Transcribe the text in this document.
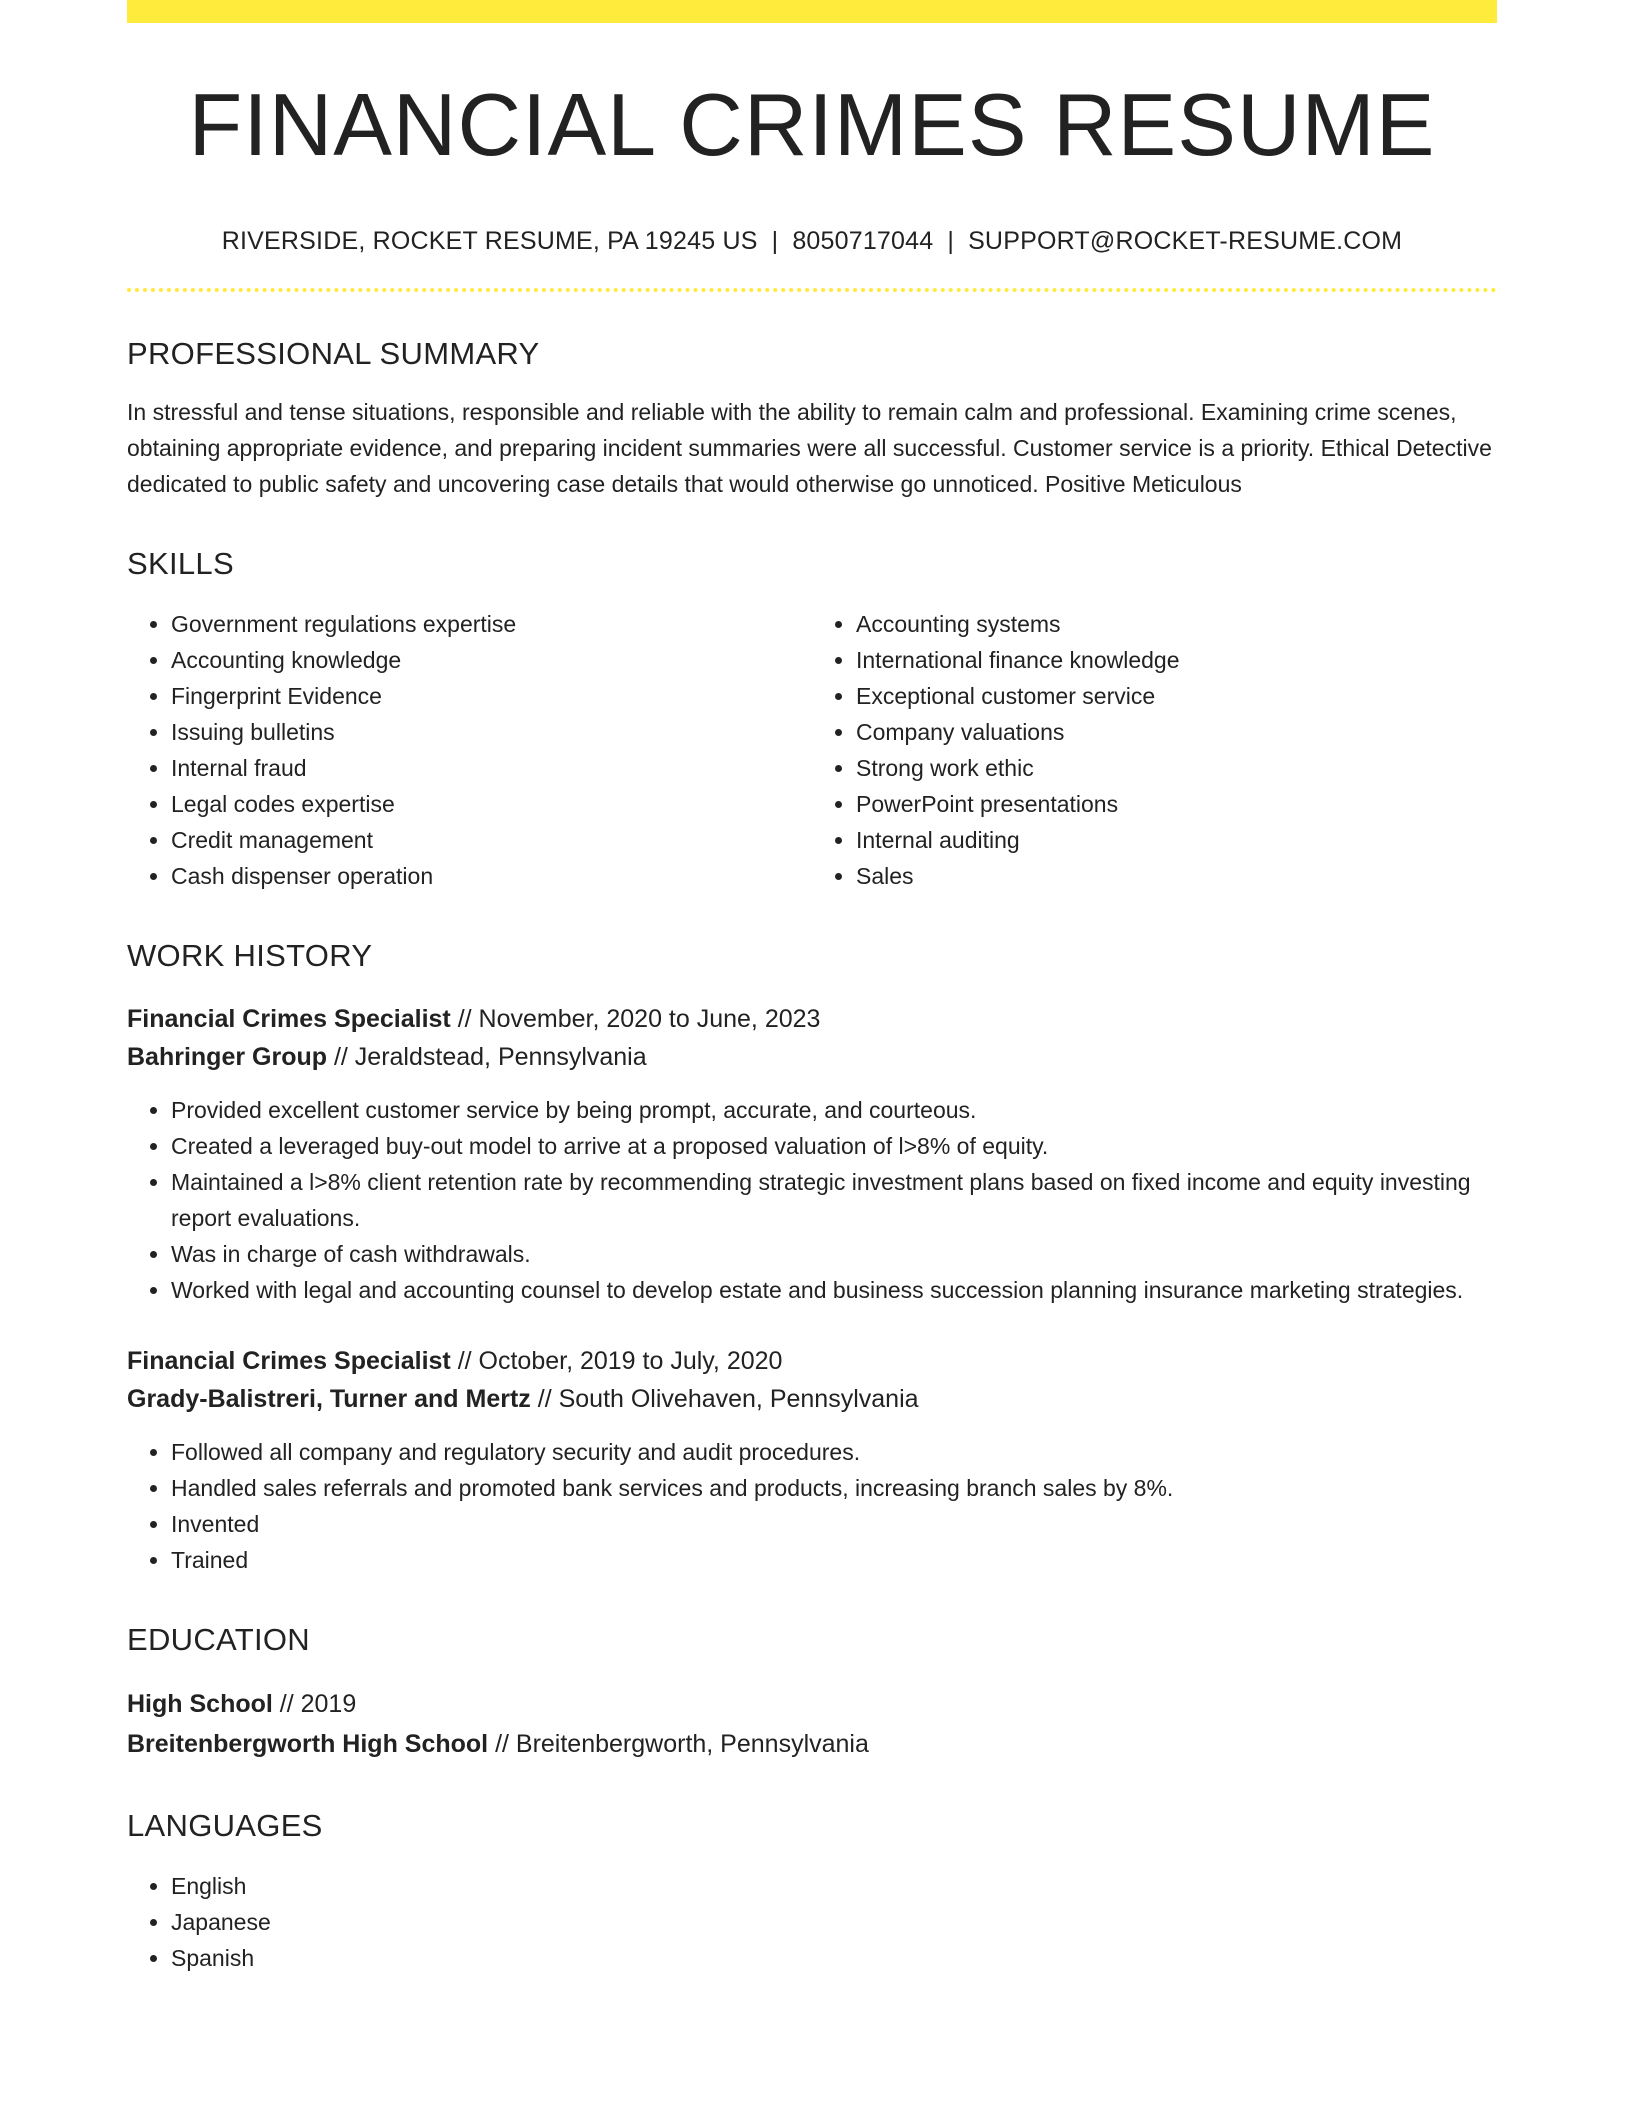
FINANCIAL CRIMES RESUME
RIVERSIDE, ROCKET RESUME, PA 19245 US | 8050717044 | SUPPORT@ROCKET-RESUME.COM
PROFESSIONAL SUMMARY

In stressful and tense situations, responsible and reliable with the ability to remain calm and professional. Examining crime scenes, obtaining appropriate evidence, and preparing incident summaries were all successful. Customer service is a priority. Ethical Detective dedicated to public safety and uncovering case details that would otherwise go unnoticed. Positive Meticulous

SKILLS
• Government regulations expertise
• Accounting knowledge
• Fingerprint Evidence
• Issuing bulletins
• Internal fraud
• Legal codes expertise
• Credit management
• Cash dispenser operation
• Accounting systems
• International finance knowledge
• Exceptional customer service
• Company valuations
• Strong work ethic
• PowerPoint presentations
• Internal auditing
• Sales
WORK HISTORY
Financial Crimes Specialist // November, 2020 to June, 2023
Bahringer Group // Jeraldstead, Pennsylvania
• Provided excellent customer service by being prompt, accurate, and courteous.
• Created a leveraged buy-out model to arrive at a proposed valuation of l>8% of equity.
• Maintained a l>8% client retention rate by recommending strategic investment plans based on fixed income and equity investing report evaluations.
• Was in charge of cash withdrawals.
• Worked with legal and accounting counsel to develop estate and business succession planning insurance marketing strategies.
Financial Crimes Specialist // October, 2019 to July, 2020
Grady-Balistreri, Turner and Mertz // South Olivehaven, Pennsylvania
• Followed all company and regulatory security and audit procedures.
• Handled sales referrals and promoted bank services and products, increasing branch sales by 8%.
• Invented
• Trained
EDUCATION
High School // 2019
Breitenbergworth High School // Breitenbergworth, Pennsylvania
LANGUAGES
• English
• Japanese
• Spanish
